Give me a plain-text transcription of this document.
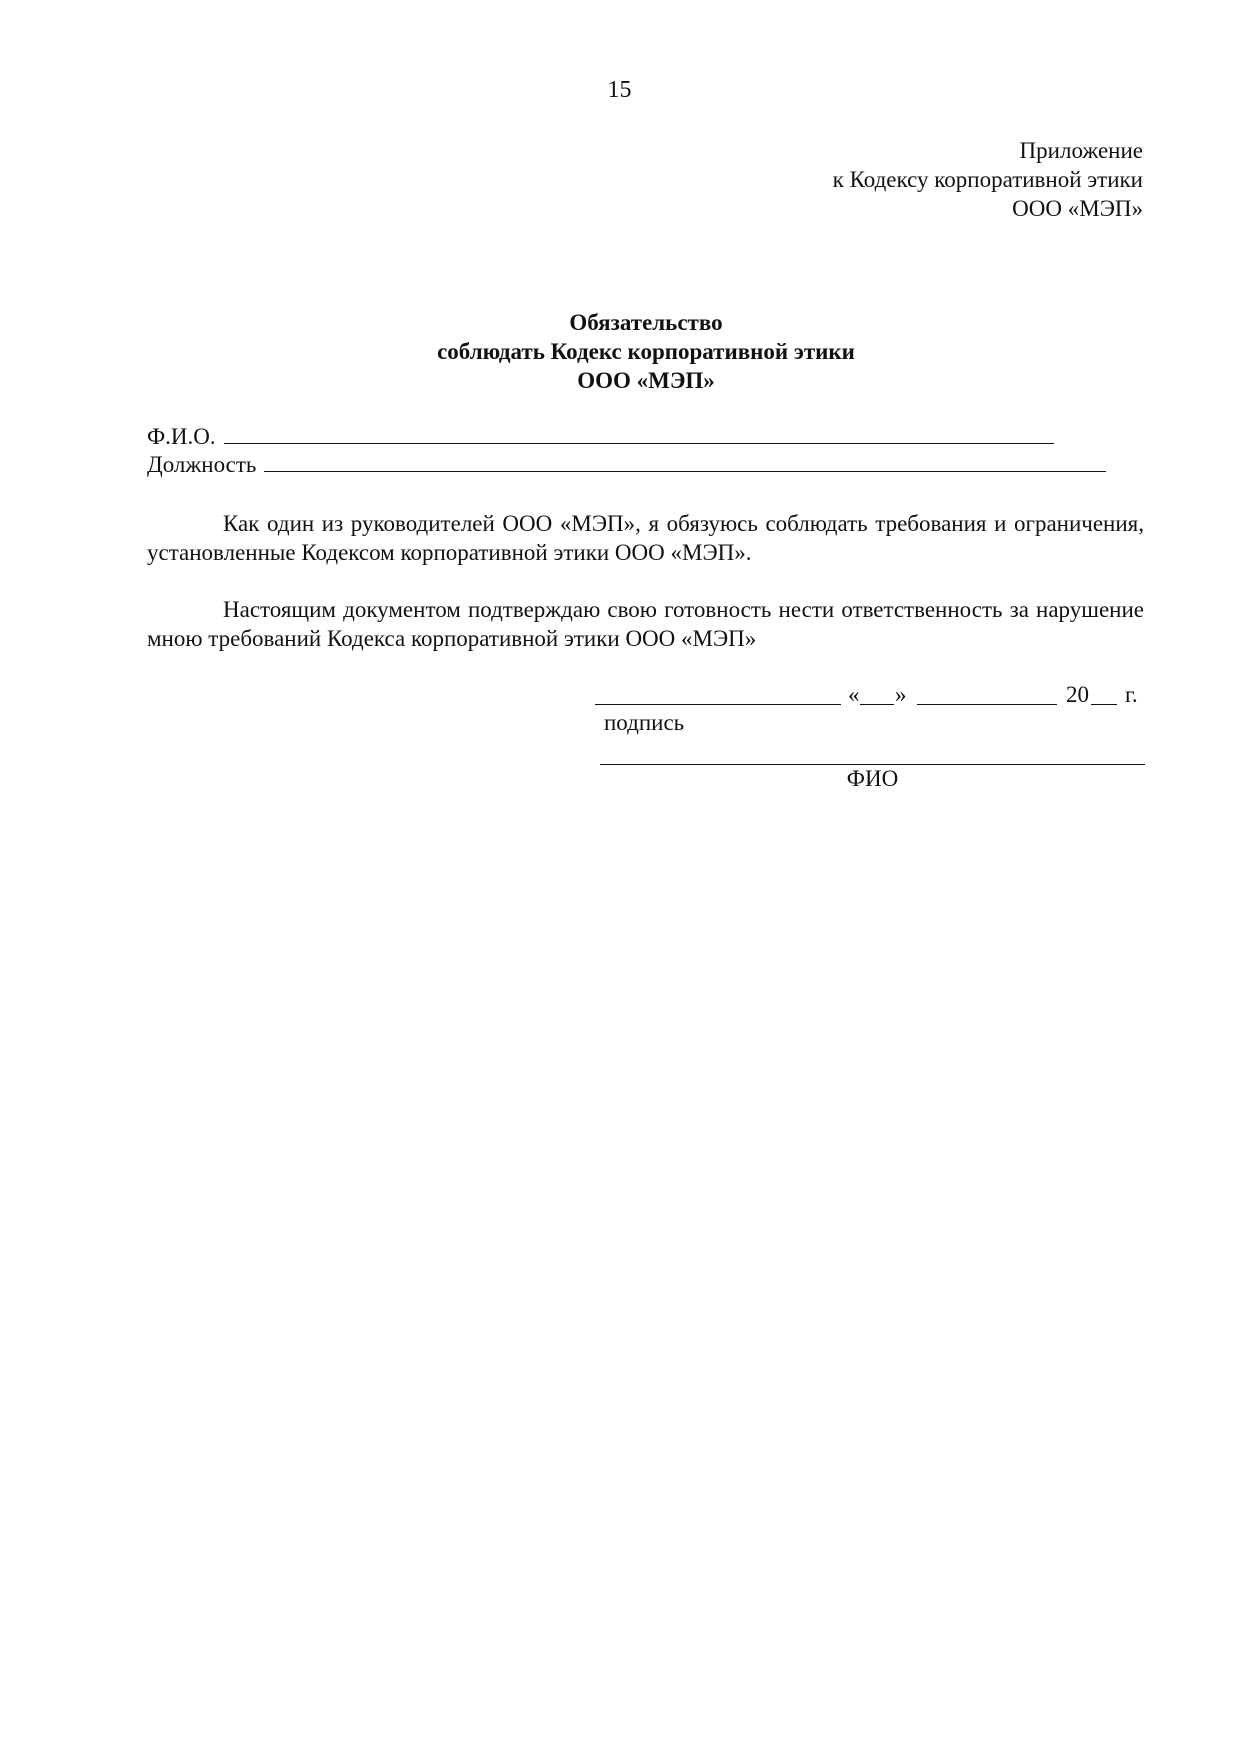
15
Приложение
к Кодексу корпоративной этики
ООО «МЭП»
Обязательство
соблюдать Кодекс корпоративной этики
ООО «МЭП»
Ф.И.О.
Должность
Как один из руководителей ООО «МЭП», я обязуюсь соблюдать требования и ограничения, установленные Кодексом корпоративной этики ООО «МЭП».
Настоящим документом подтверждаю свою готовность нести ответственность за нарушение мною требований Кодекса корпоративной этики ООО «МЭП»
« »	20 г.
подпись
ФИО
